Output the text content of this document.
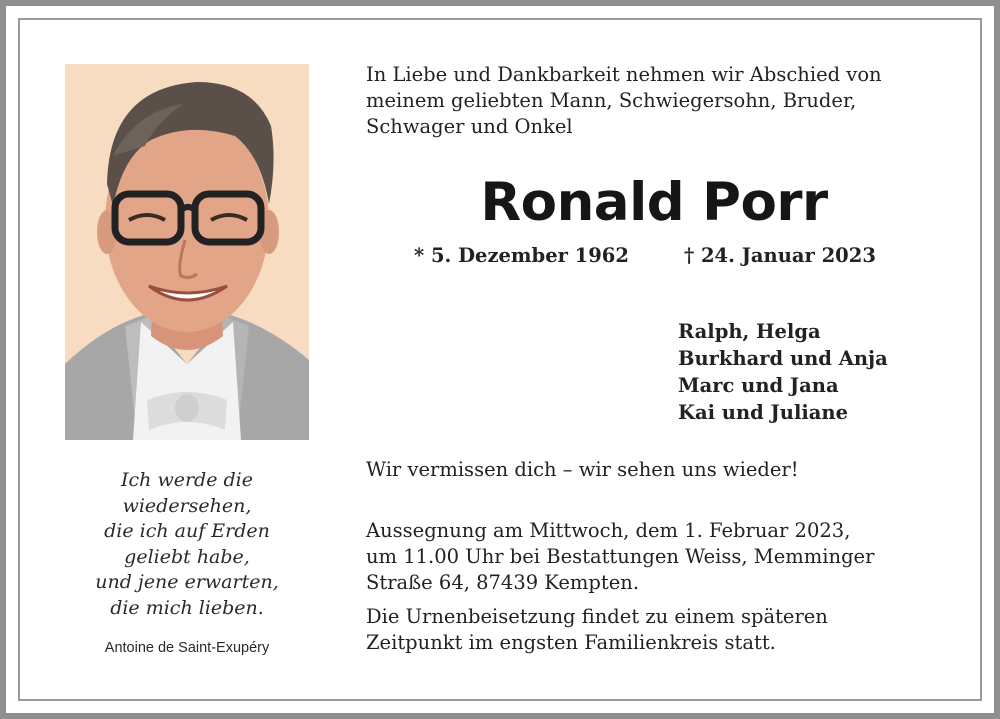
Ich werde die
wiedersehen,
die ich auf Erden
geliebt habe,
und jene erwarten,
die mich lieben.
Antoine de Saint-Exupéry
In Liebe und Dankbarkeit nehmen wir Abschied von
meinem geliebten Mann, Schwiegersohn, Bruder,
Schwager und Onkel
Ronald Porr
* 5. Dezember 1962	† 24. Januar 2023
Ralph, Helga
Burkhard und Anja
Marc und Jana
Kai und Juliane
Wir vermissen dich – wir sehen uns wieder!
Aussegnung am Mittwoch, dem 1. Februar 2023,
um 11.00 Uhr bei Bestattungen Weiss, Memminger
Straße 64, 87439 Kempten.
Die Urnenbeisetzung findet zu einem späteren
Zeitpunkt im engsten Familienkreis statt.
